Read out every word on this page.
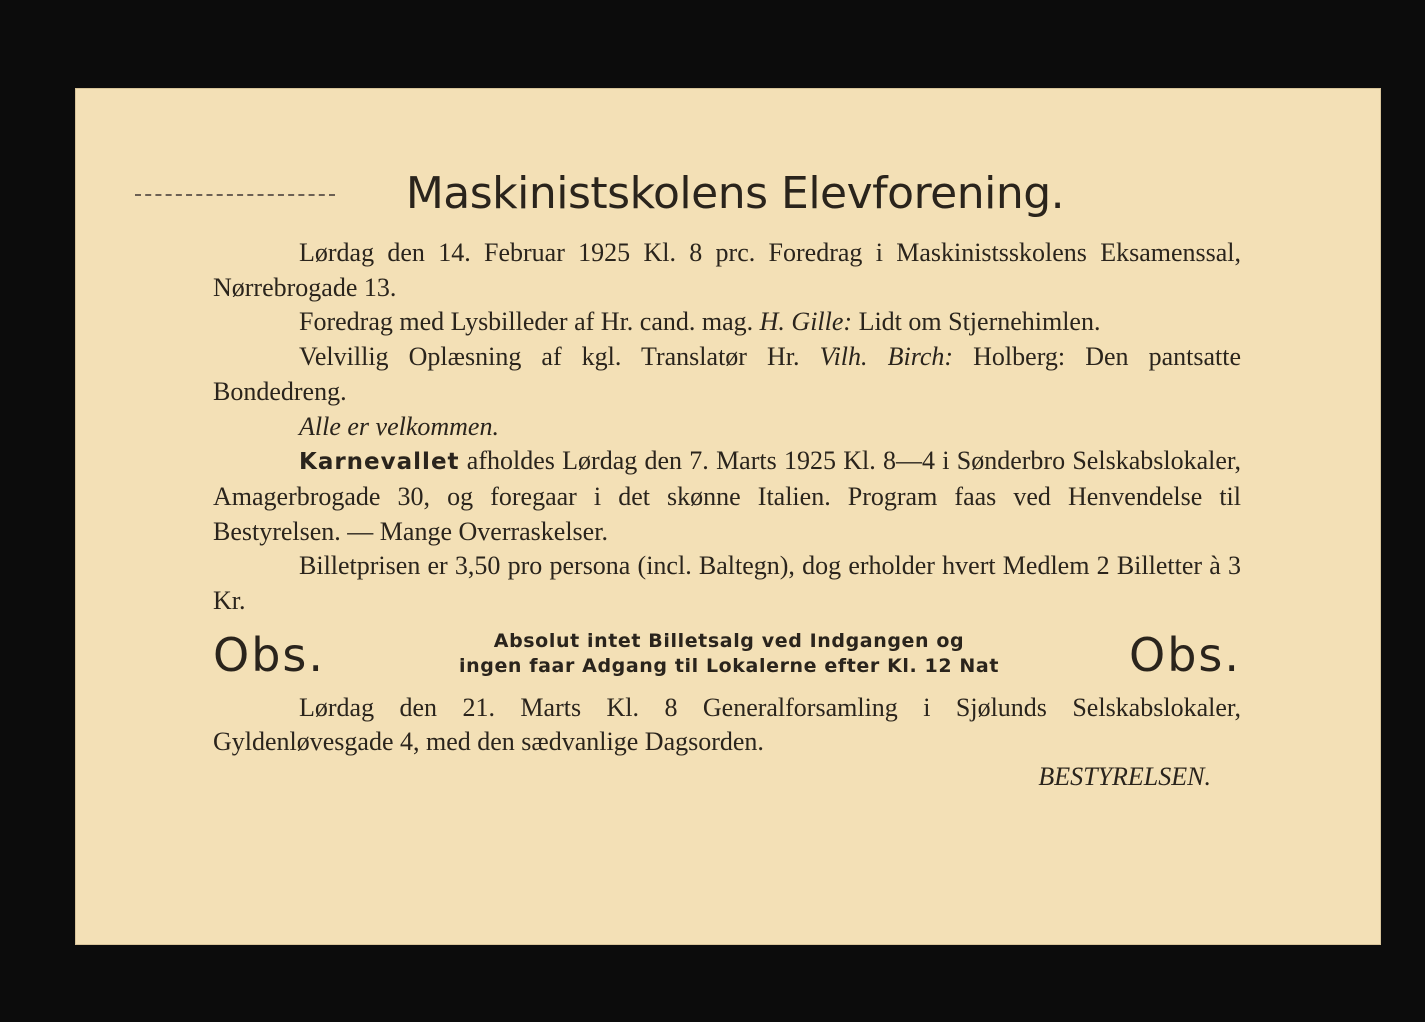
Maskinistskolens Elevforening.

Lørdag den 14. Februar 1925 Kl. 8 prc. Foredrag i Maskinistsskolens Eksamenssal, Nørrebrogade 13.

Foredrag med Lysbilleder af Hr. cand. mag. H. Gille: Lidt om Stjernehimlen.

Velvillig Oplæsning af kgl. Translatør Hr. Vilh. Birch: Holberg: Den pantsatte Bondedreng.

Alle er velkommen.

Karnevallet afholdes Lørdag den 7. Marts 1925 Kl. 8—4 i Sønderbro Selskabslokaler, Amagerbrogade 30, og foregaar i det skønne Italien. Program faas ved Henvendelse til Bestyrelsen. — Mange Overraskelser.

Billetprisen er 3,50 pro persona (incl. Baltegn), dog erholder hvert Medlem 2 Billetter à 3 Kr.

Obs.	Absolut intet Billetsalg ved Indgangen og
ingen faar Adgang til Lokalerne efter Kl. 12 Nat	Obs.

Lørdag den 21. Marts Kl. 8 Generalforsamling i Sjølunds Selskabslokaler, Gyldenløvesgade 4, med den sædvanlige Dagsorden.

BESTYRELSEN.
